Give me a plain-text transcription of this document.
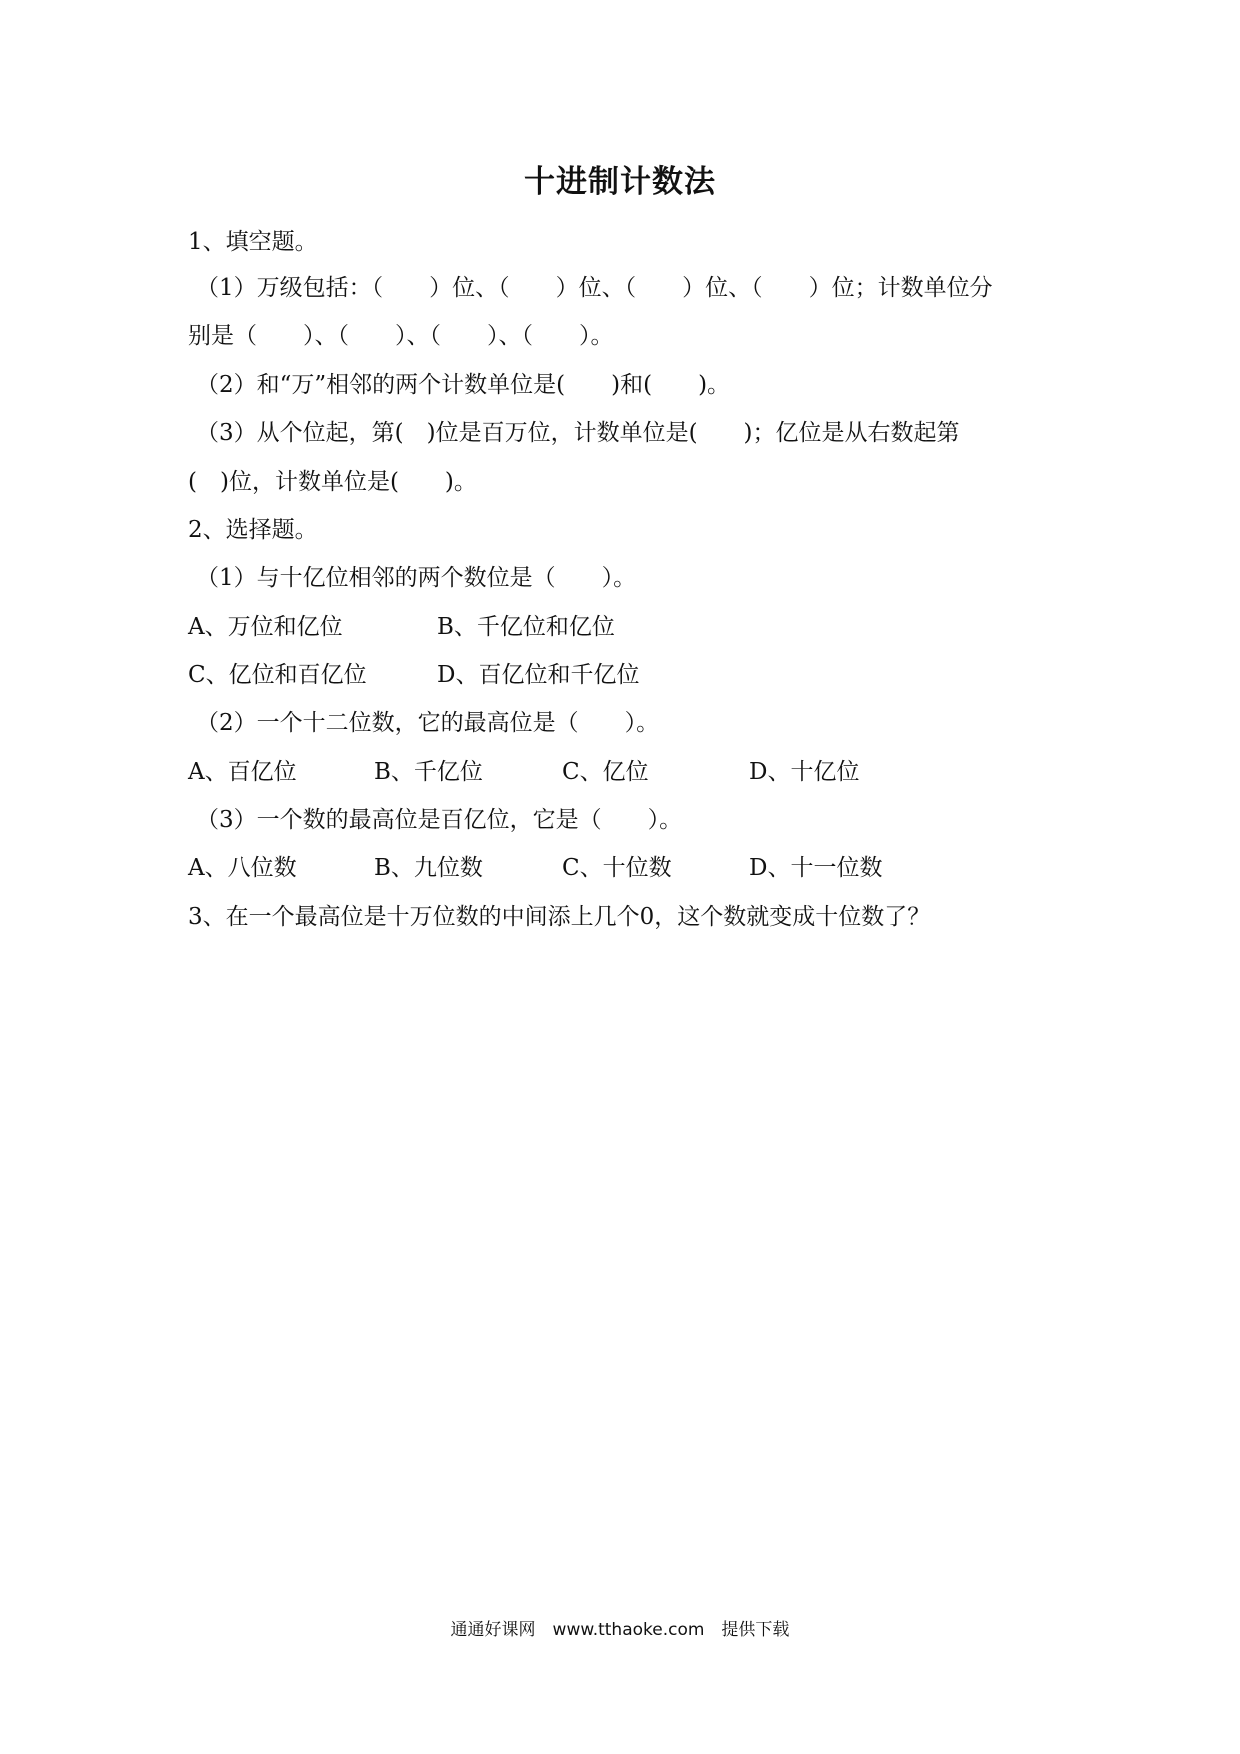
十进制计数法
1、填空题。
（1）万级包括：（　　）位、（　　）位、（　　）位、（　　）位；计数单位分
别是（　　）、（　　）、（　　）、（　　）。
（2）和“万”相邻的两个计数单位是(　　)和(　　)。
（3）从个位起，第(　)位是百万位，计数单位是(　　)；亿位是从右数起第
(　)位，计数单位是(　　)。
2、选择题。
（1）与十亿位相邻的两个数位是（　　）。

A、万位和亿位

	B、千亿位和亿位

C、亿位和百亿位

	D、百亿位和千亿位

（2）一个十二位数，它的最高位是（　　）。

A、百亿位

	B、千亿位

	C、亿位

	D、十亿位

（3）一个数的最高位是百亿位，它是（　　）。

A、八位数

	B、九位数

	C、十位数

	D、十一位数

3、在一个最高位是十万位数的中间添上几个0，这个数就变成十位数了？
通通好课网　www.tthaoke.com　提供下载
